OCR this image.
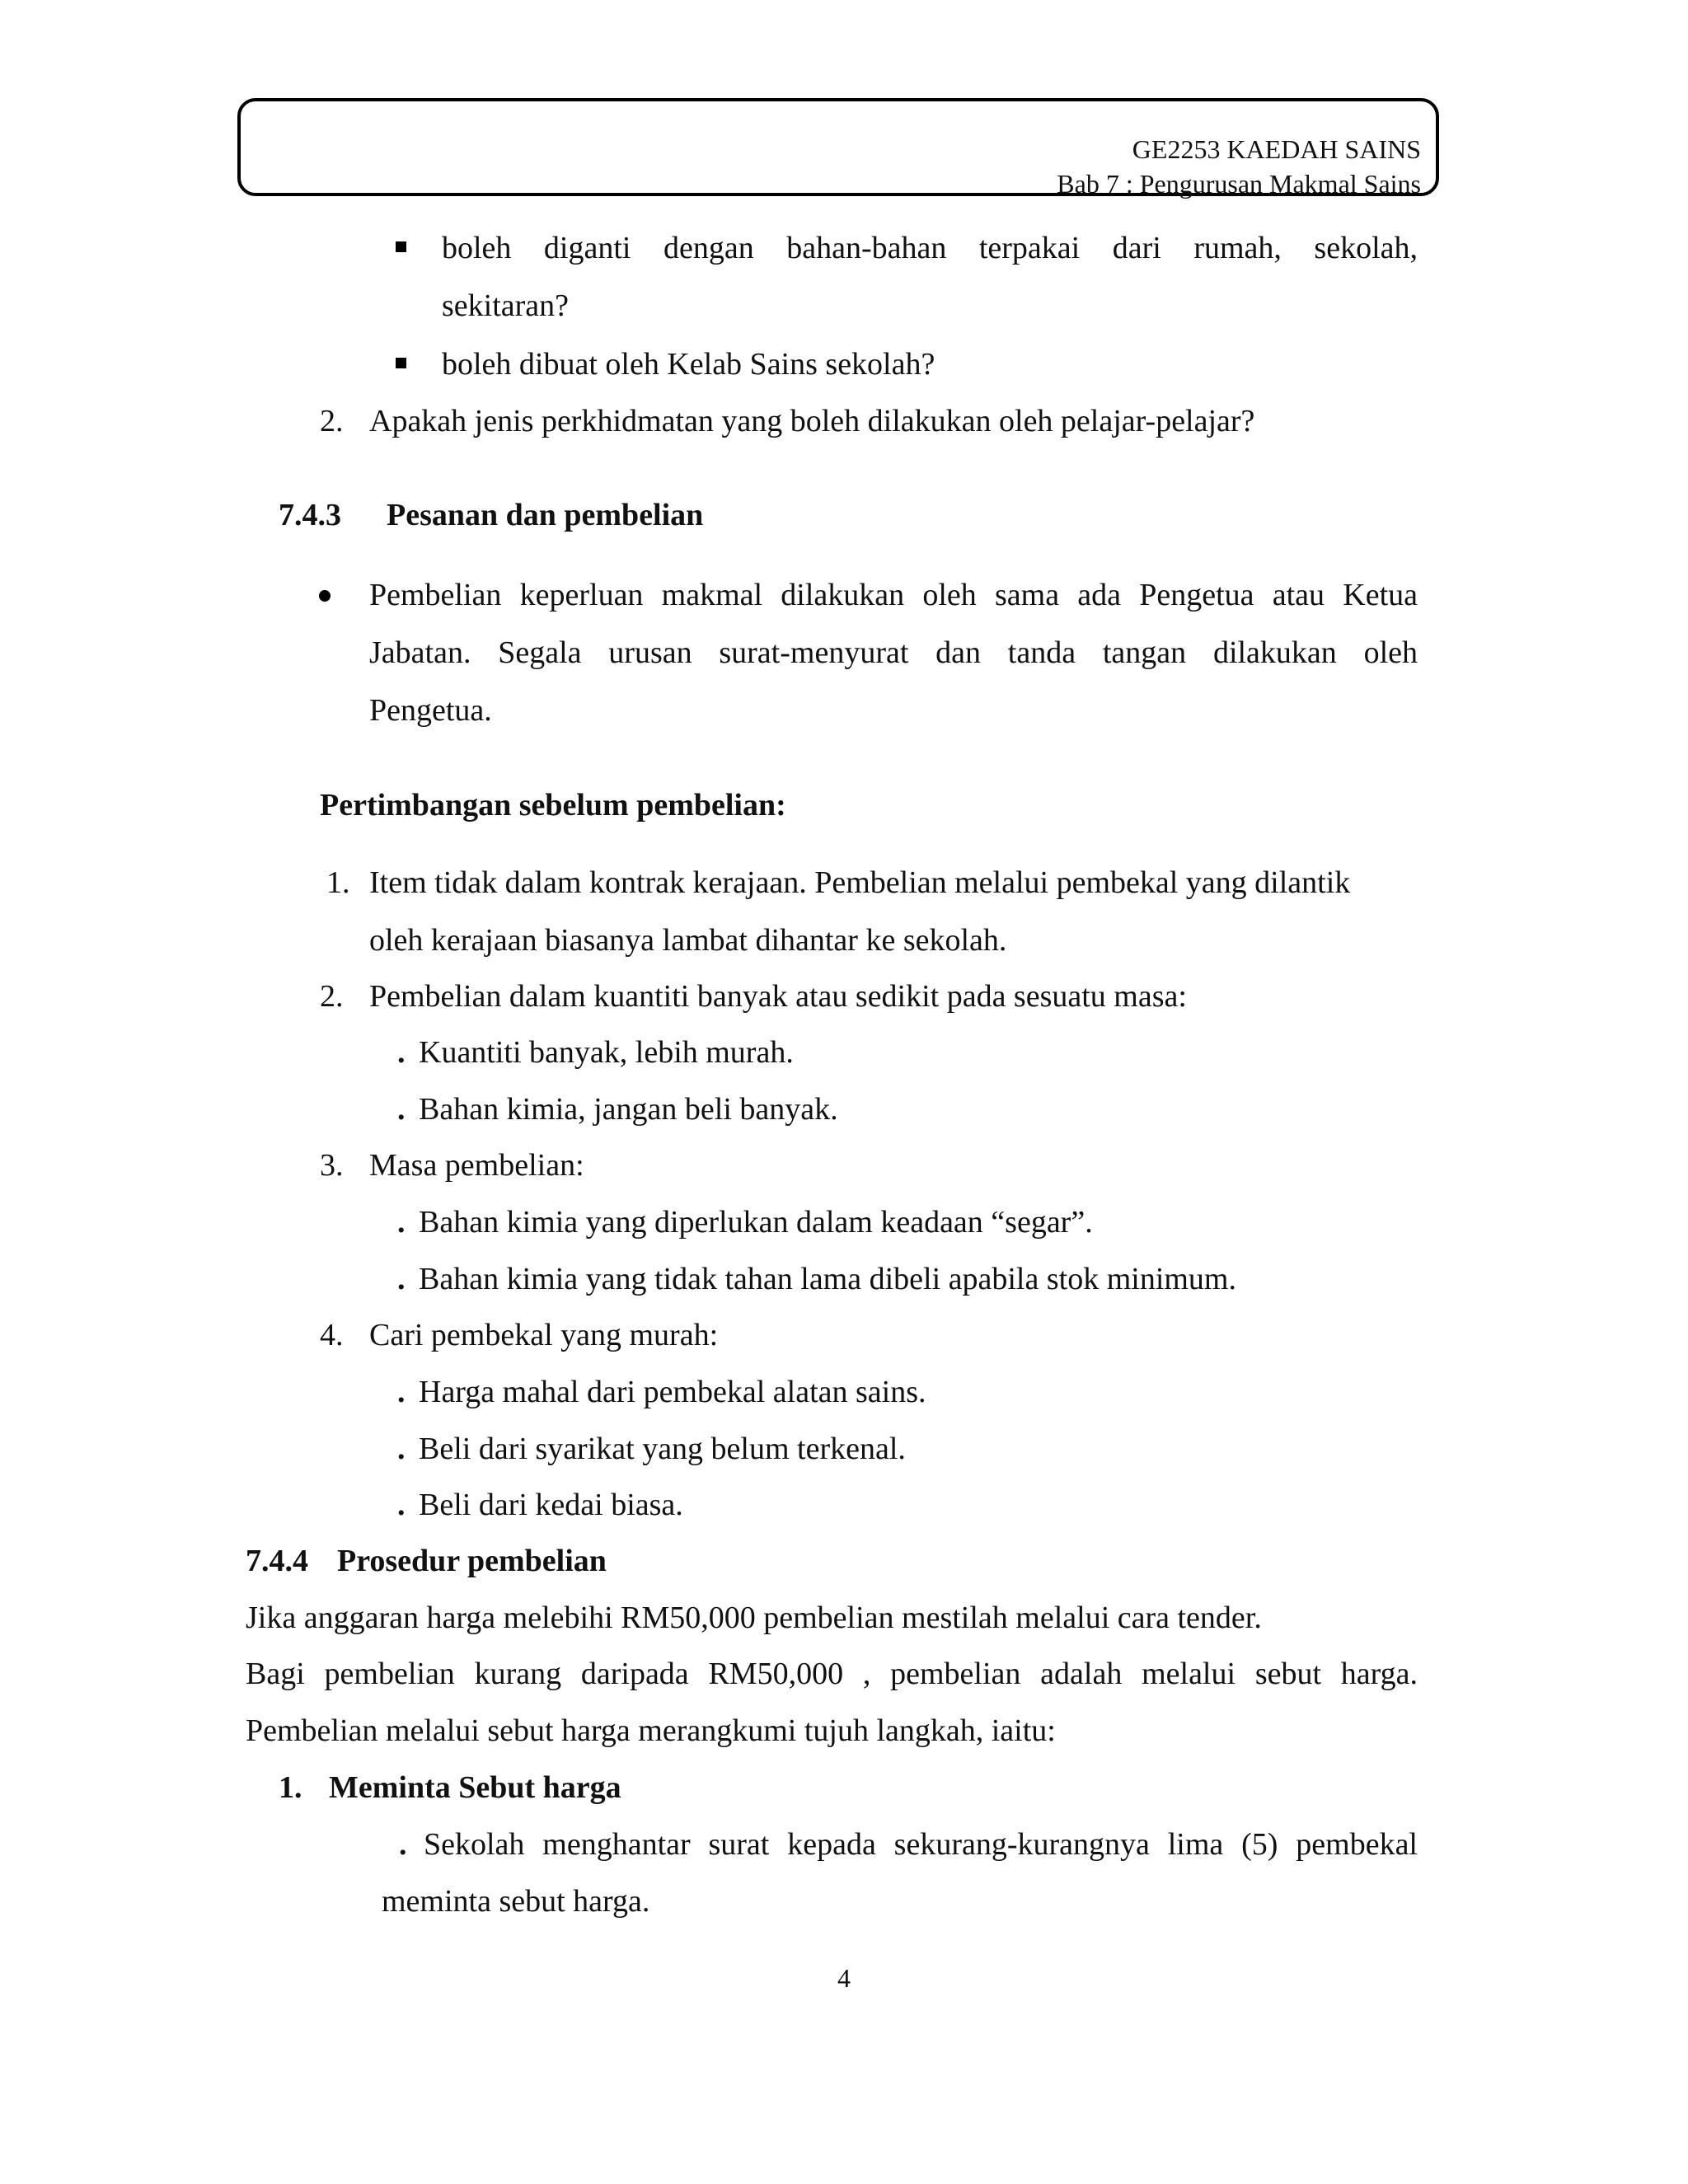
GE2253 KAEDAH SAINS
Bab 7 : Pengurusan Makmal Sains
boleh diganti dengan bahan-bahan terpakai dari rumah, sekolah,
sekitaran?
boleh dibuat oleh Kelab Sains sekolah?
2. Apakah jenis perkhidmatan yang boleh dilakukan oleh pelajar-pelajar?
7.4.3 Pesanan dan pembelian
Pembelian keperluan makmal dilakukan oleh sama ada Pengetua atau Ketua
Jabatan. Segala urusan surat-menyurat dan tanda tangan dilakukan oleh
Pengetua.
Pertimbangan sebelum pembelian:
1. Item tidak dalam kontrak kerajaan. Pembelian melalui pembekal yang dilantik
oleh kerajaan biasanya lambat dihantar ke sekolah.
2. Pembelian dalam kuantiti banyak atau sedikit pada sesuatu masa:
. Kuantiti banyak, lebih murah.
. Bahan kimia, jangan beli banyak.
3. Masa pembelian:
. Bahan kimia yang diperlukan dalam keadaan “segar”.
. Bahan kimia yang tidak tahan lama dibeli apabila stok minimum.
4. Cari pembekal yang murah:
. Harga mahal dari pembekal alatan sains.
. Beli dari syarikat yang belum terkenal.
. Beli dari kedai biasa.
7.4.4 Prosedur pembelian
Jika anggaran harga melebihi RM50,000 pembelian mestilah melalui cara tender.
Bagi pembelian kurang daripada RM50,000 , pembelian adalah melalui sebut harga.
Pembelian melalui sebut harga merangkumi tujuh langkah, iaitu:
1. Meminta Sebut harga
. Sekolah menghantar surat kepada sekurang-kurangnya lima (5) pembekal
meminta sebut harga.
4
